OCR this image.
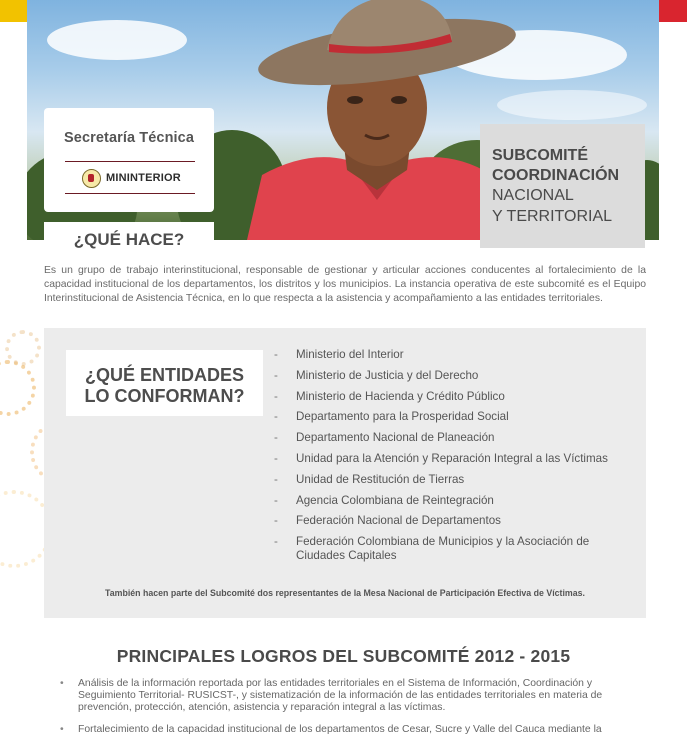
Secretaría Técnica
MININTERIOR
SUBCOMITÉ
COORDINACIÓN
NACIONAL
Y TERRITORIAL
¿QUÉ HACE?
Es un grupo de trabajo interinstitucional, responsable de gestionar y articular acciones conducentes al fortalecimiento de la capacidad institucional de los departamentos, los distritos y los municipios. La instancia operativa de este subcomité es el Equipo Interinstitucional de Asistencia Técnica, en lo que respecta a la asistencia y acompañamiento a las entidades territoriales.
¿QUÉ ENTIDADES
LO CONFORMAN?
- Ministerio del Interior
- Ministerio de Justicia y del Derecho
- Ministerio de Hacienda y Crédito Público
- Departamento para la Prosperidad Social
- Departamento Nacional de Planeación
- Unidad para la Atención y Reparación Integral a las Víctimas
- Unidad de Restitución de Tierras
- Agencia Colombiana de Reintegración
- Federación Nacional de Departamentos
- Federación Colombiana de Municipios y la Asociación de Ciudades Capitales
También hacen parte del Subcomité dos representantes de la Mesa Nacional de Participación Efectiva de Víctimas.
PRINCIPALES LOGROS DEL SUBCOMITÉ 2012 - 2015
• Análisis de la información reportada por las entidades territoriales en el Sistema de Información, Coordinación y Seguimiento Territorial- RUSICST-, y sistematización de la información de las entidades territoriales en materia de prevención, protección, atención, asistencia y reparación integral a las víctimas.
• Fortalecimiento de la capacidad institucional de los departamentos de Cesar, Sucre y Valle del Cauca mediante la
